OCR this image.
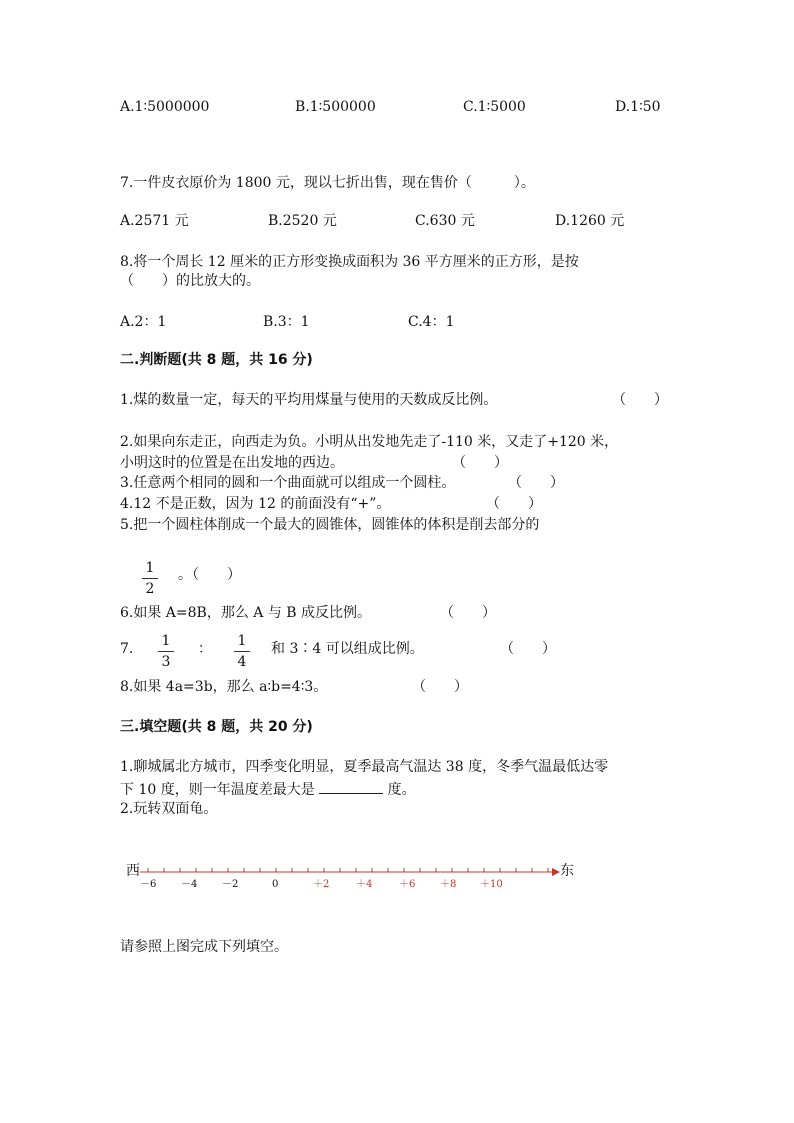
A.1∶5000000	B.1∶500000	C.1∶5000	D.1∶50
7.一件皮衣原价为 1800 元，现以七折出售，现在售价（　　　）。
A.2571 元	B.2520 元	C.630 元	D.1260 元
8.将一个周长 12 厘米的正方形变换成面积为 36 平方厘米的正方形，是按
（　　）的比放大的。
A.2：1	B.3：1	C.4：1
二.判断题(共 8 题，共 16 分)
1.煤的数量一定，每天的平均用煤量与使用的天数成反比例。	（　　）
2.如果向东走正，向西走为负。小明从出发地先走了-110 米，又走了+120 米，
小明这时的位置是在出发地的西边。	（　　）
3.任意两个相同的圆和一个曲面就可以组成一个圆柱。	（　　）
4.12 不是正数，因为 12 的前面没有“+”。	（　　）
5.把一个圆柱体削成一个最大的圆锥体，圆锥体的体积是削去部分的
1
2
。（　　）
6.如果 A=8B，那么 A 与 B 成反比例。	（　　）
7. 1
3
： 1
4
和 3∶4 可以组成比例。	（　　）
8.如果 4a=3b，那么 a∶b=4∶3。	（　　）
三.填空题(共 8 题，共 20 分)
1.聊城属北方城市，四季变化明显，夏季最高气温达 38 度，冬季气温最低达零
下 10 度，则一年温度差最大是	度。
2.玩转双面龟。
西	东
－6 －4 －2	0	＋2	＋4	＋6 ＋8 ＋10
请参照上图完成下列填空。
